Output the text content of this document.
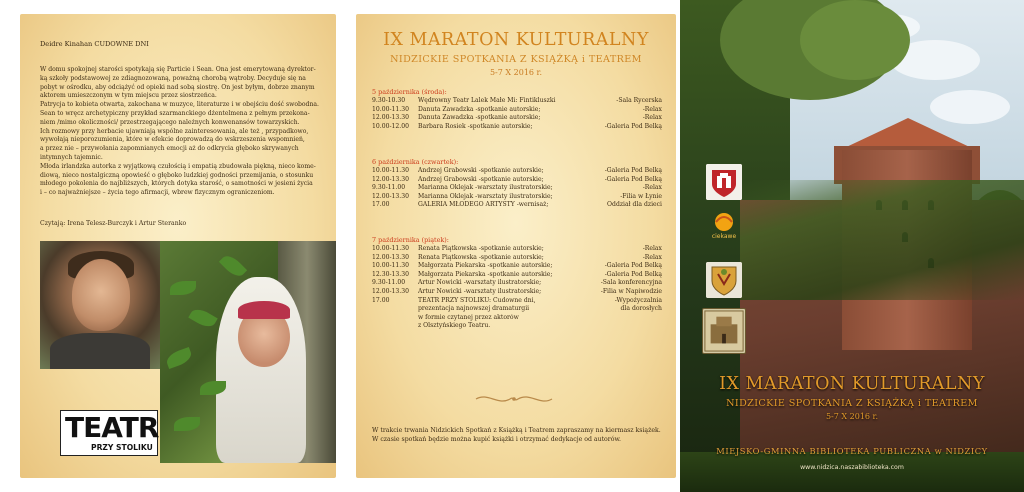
Deidre Kinahan CUDOWNE DNI

W domu spokojnej starości spotykają się Particie i Sean. Ona jest emerytowaną dyrektor-

ką szkoły podstawowej ze zdiagnozowaną, poważną chorobą wątroby. Decyduje się na

pobyt w ośrodku, aby odciążyć od opieki nad sobą siostrę. On jest byłym, dobrze znanym

aktorem umieszczonym w tym miejscu przez siostrzeńca.

Patrycja to kobieta otwarta, zakochana w muzyce, literaturze i w obejściu dość swobodna.

Sean to wręcz archetypiczny przykład szarmanckiego dżentelmena z pełnym przekona-

niem /mimo okoliczności/ przestrzegającego należnych konwenansów towarzyskich.

Ich rozmowy przy herbacie ujawniają wspólne zainteresowania, ale też , przypadkowo,

wywołają nieporozumienia, które w efekcie doprowadzą do wskrzeszenia wspomnień,

a przez nie – przywołania zapomnianych emocji aż do odkrycia głęboko skrywanych

intymnych tajemnic.

Młoda irlandzka autorka z wyjątkową czułością i empatią zbudowała piękną, nieco kome-

diową, nieco nostalgiczną opowieść o głęboko ludzkiej godności przemijania, o stosunku

młodego pokolenia do najbliższych, których dotyka starość, o samotności w jesieni życia

i – co najważniejsze – życia tego afirmacji, wbrew fizycznym ograniczeniom.

Czytają: Irena Telesz-Burczyk i Artur Steranko
TEATR
PRZY STOLIKU
IX MARATON KULTURALNY
NIDZICKIE SPOTKANIA Z KSIĄŻKĄ i TEATREM
5-7 X 2016 r.
5 października (środa):
9.30-10.30	Wędrowny Teatr Lalek Małe Mi: Fintikluszki	-Sala Rycerska
10.00-11.30	Danuta Zawadzka -spotkanie autorskie;	-Relax
12.00-13.30	Danuta Zawadzka -spotkanie autorskie;	-Relax
10.00-12.00	Barbara Rosiek -spotkanie autorskie;	-Galeria Pod Belką
6 października (czwartek):
10.00-11.30	Andrzej Grabowski -spotkanie autorskie;	-Galeria Pod Belką
12.00-13.30	Andrzej Grabowski -spotkanie autorskie;	-Galeria Pod Belką
9.30-11.00	Marianna Oklejak -warsztaty ilustratorskie;	-Relax
12.00-13.30	Marianna Oklejak -warsztaty ilustratorskie;	-Filia w Łynie
17.00	GALERIA MŁODEGO ARTYSTY -wernisaż;	Oddział dla dzieci
7 października (piątek):
10.00-11.30	Renata Piątkowska -spotkanie autorskie;	-Relax
12.00-13.30	Renata Piątkowska -spotkanie autorskie;	-Relax
10.00-11.30	Małgorzata Piekarska -spotkanie autorskie;	-Galeria Pod Belką
12.30-13.30	Małgorzata Piekarska -spotkanie autorskie;	-Galeria Pod Belką
9.30-11.00	Artur Nowicki -warsztaty ilustratorskie;	-Sala konferencyjna
12.00-13.30	Artur Nowicki -warsztaty ilustratorskie;	-Filia w Napiwodzie
17.00	TEATR PRZY STOLIKU: Cudowne dni,	-Wypożyczalnia
prezentacja najnowszej dramaturgii	dla dorosłych
w formie czytanej przez aktorów
z Olsztyńskiego Teatru.

W trakcie trwania Nidzickich Spotkań z Książką i Teatrem zapraszamy na kiermasz książek.

W czasie spotkań będzie można kupić książki i otrzymać dedykacje od autorów.

ciekawe
IX MARATON KULTURALNY
NIDZICKIE SPOTKANIA Z KSIĄŻKĄ i TEATREM
5-7 X 2016 r.
MIEJSKO-GMINNA BIBLIOTEKA PUBLICZNA w NIDZICY
www.nidzica.naszabiblioteka.com
